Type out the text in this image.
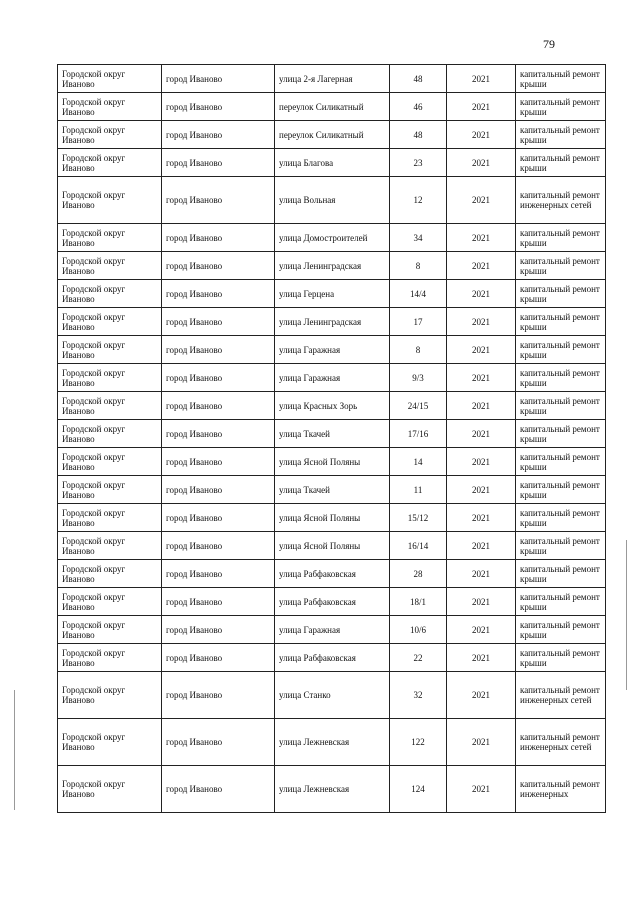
79
Городской округ Иваново	город Иваново	улица 2-я Лагерная	48	2021	капитальный ремонт крыши
Городской округ Иваново	город Иваново	переулок Силикатный	46	2021	капитальный ремонт крыши
Городской округ Иваново	город Иваново	переулок Силикатный	48	2021	капитальный ремонт крыши
Городской округ Иваново	город Иваново	улица Благова	23	2021	капитальный ремонт крыши
Городской округ Иваново	город Иваново	улица Вольная	12	2021	капитальный ремонт инженерных сетей
Городской округ Иваново	город Иваново	улица Домостроителей	34	2021	капитальный ремонт крыши
Городской округ Иваново	город Иваново	улица Ленинградская	8	2021	капитальный ремонт крыши
Городской округ Иваново	город Иваново	улица Герцена	14/4	2021	капитальный ремонт крыши
Городской округ Иваново	город Иваново	улица Ленинградская	17	2021	капитальный ремонт крыши
Городской округ Иваново	город Иваново	улица Гаражная	8	2021	капитальный ремонт крыши
Городской округ Иваново	город Иваново	улица Гаражная	9/3	2021	капитальный ремонт крыши
Городской округ Иваново	город Иваново	улица Красных Зорь	24/15	2021	капитальный ремонт крыши
Городской округ Иваново	город Иваново	улица Ткачей	17/16	2021	капитальный ремонт крыши
Городской округ Иваново	город Иваново	улица Ясной Поляны	14	2021	капитальный ремонт крыши
Городской округ Иваново	город Иваново	улица Ткачей	11	2021	капитальный ремонт крыши
Городской округ Иваново	город Иваново	улица Ясной Поляны	15/12	2021	капитальный ремонт крыши
Городской округ Иваново	город Иваново	улица Ясной Поляны	16/14	2021	капитальный ремонт крыши
Городской округ Иваново	город Иваново	улица Рабфаковская	28	2021	капитальный ремонт крыши
Городской округ Иваново	город Иваново	улица Рабфаковская	18/1	2021	капитальный ремонт крыши
Городской округ Иваново	город Иваново	улица Гаражная	10/6	2021	капитальный ремонт крыши
Городской округ Иваново	город Иваново	улица Рабфаковская	22	2021	капитальный ремонт крыши
Городской округ Иваново	город Иваново	улица Станко	32	2021	капитальный ремонт инженерных сетей
Городской округ Иваново	город Иваново	улица Лежневская	122	2021	капитальный ремонт инженерных сетей
Городской округ Иваново	город Иваново	улица Лежневская	124	2021	капитальный ремонт инженерных
